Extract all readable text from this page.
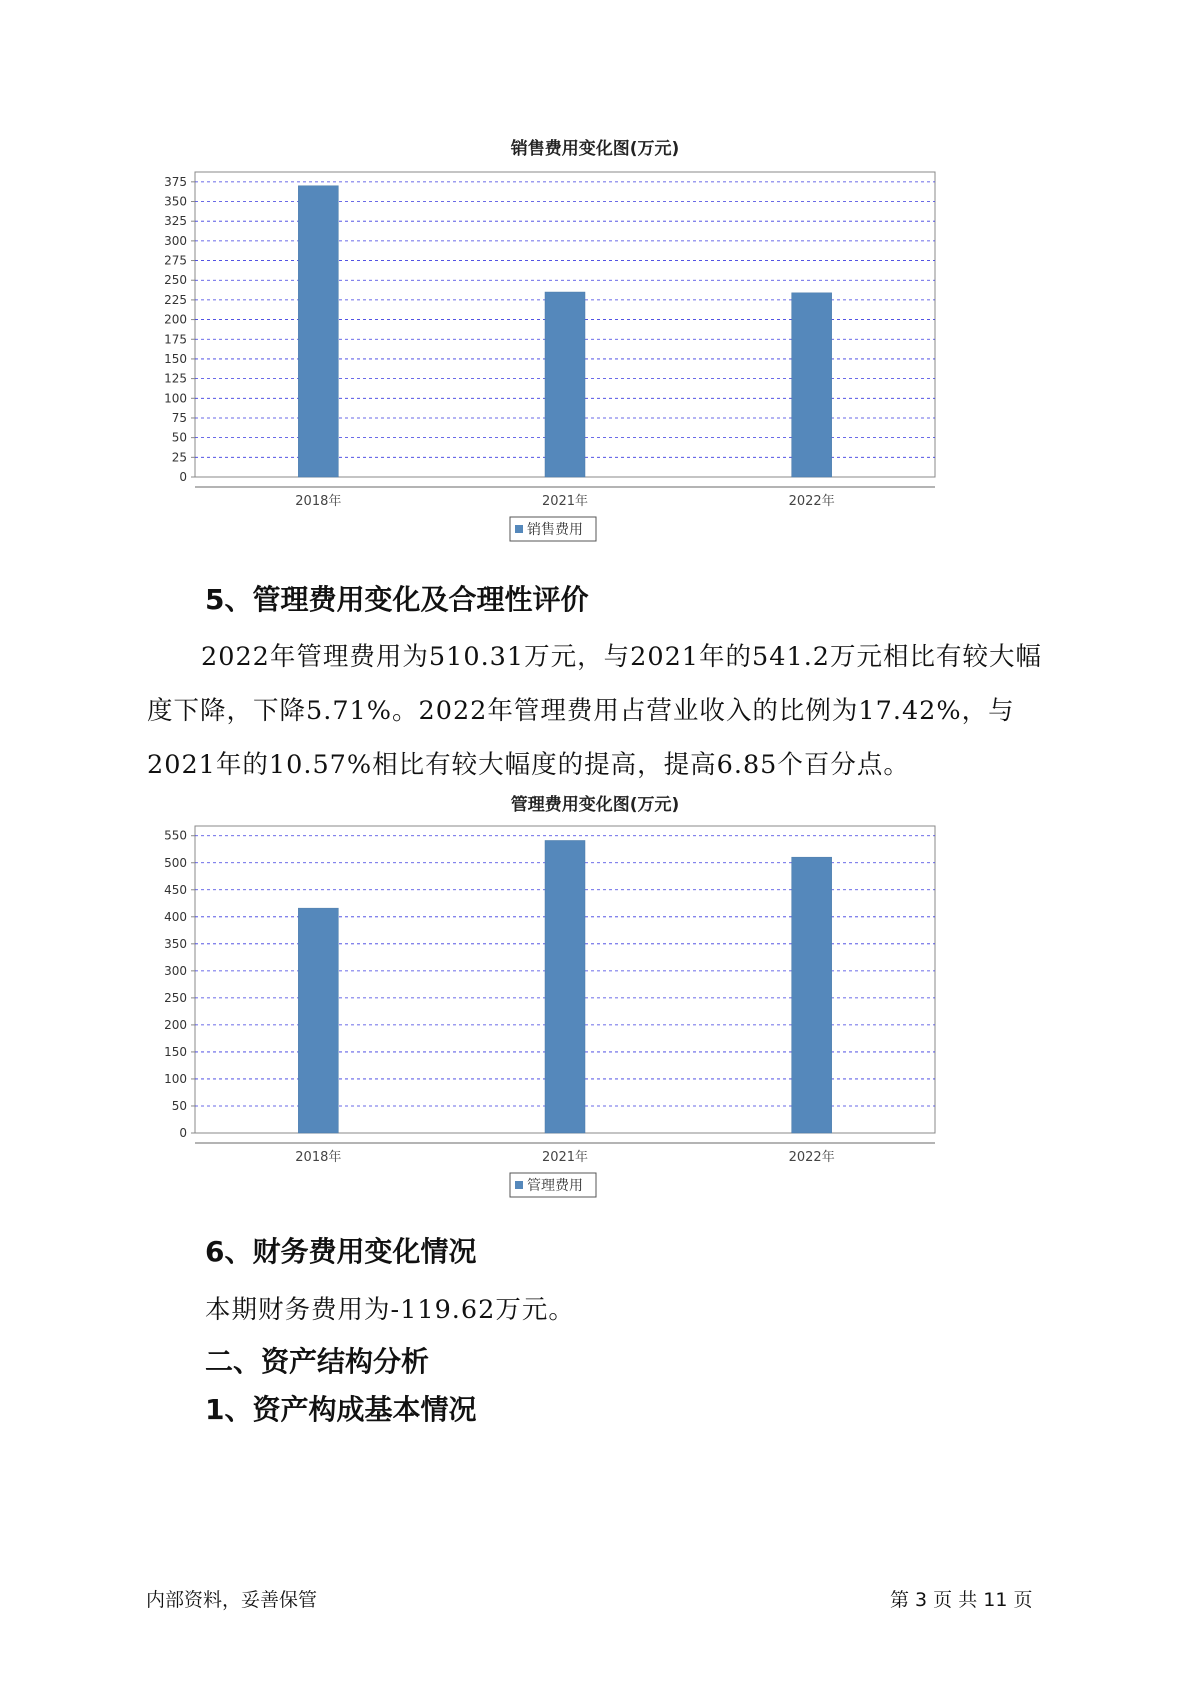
销售费用变化图(万元)
0
25
50
75
100
125
150
175
200
225
250
275
300
325
350
375
2018年	2021年	2022年
销售费用
5、管理费用变化及合理性评价
2022年管理费用为510.31万元，与2021年的541.2万元相比有较大幅度下降，下降5.71%。2022年管理费用占营业收入的比例为17.42%，与2021年的10.57%相比有较大幅度的提高，提高6.85个百分点。
管理费用变化图(万元)
0
50
100
150
200
250
300
350
400
450
500
550
2018年	2021年	2022年
管理费用
6、财务费用变化情况
本期财务费用为-119.62万元。
二、资产结构分析
1、资产构成基本情况
内部资料，妥善保管	第 3 页 共 11 页
